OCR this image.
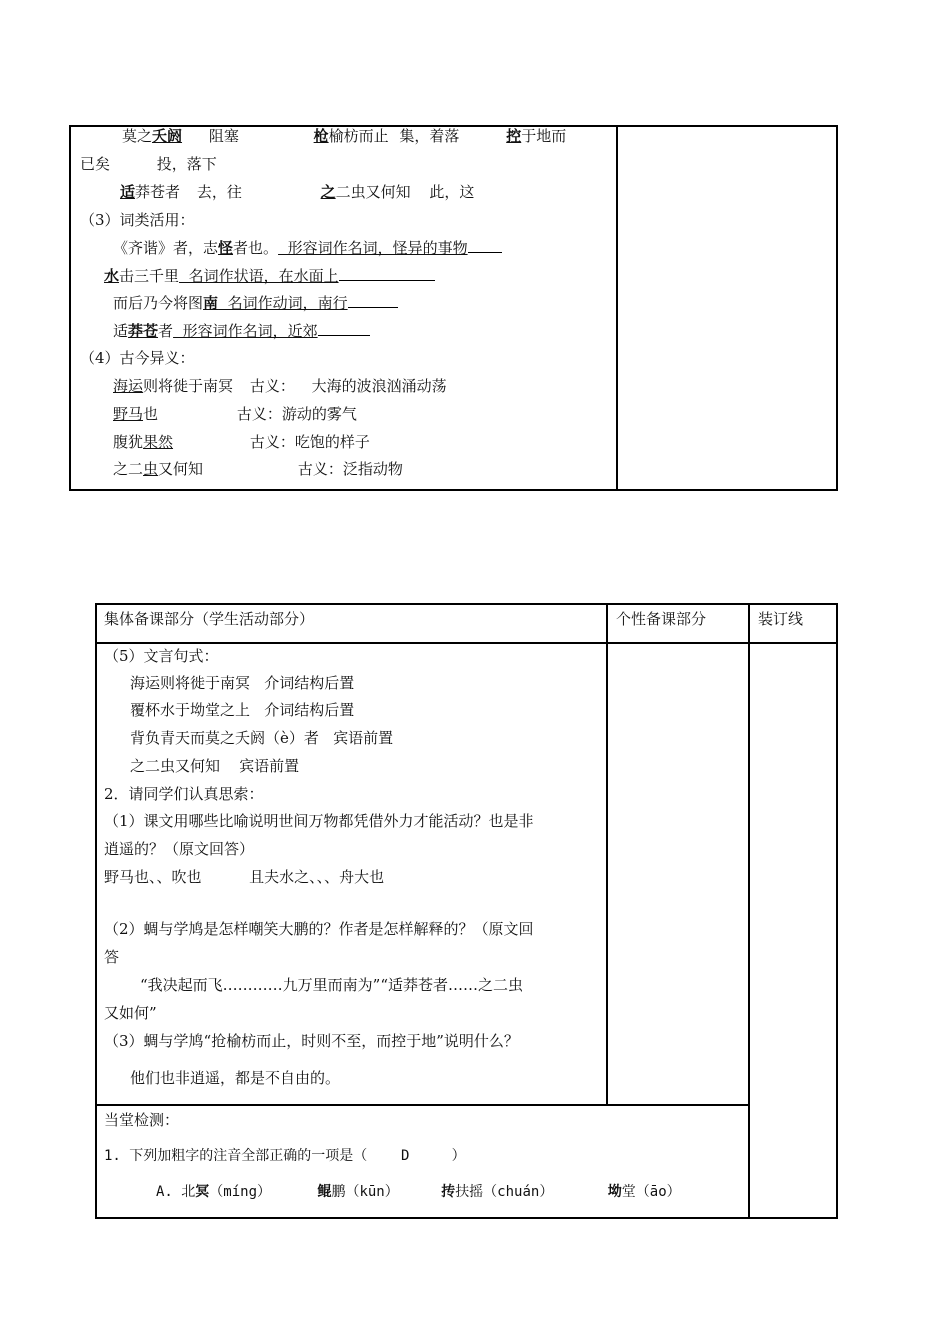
莫之夭阏 阻塞	枪榆枋而止 集，着落	控于地而
已矣	投，落下
适莽苍者 去，往	之二虫又何知 此，这
（3）词类活用：
《齐谐》者，志怪者也。  形容词作名词，怪异的事物
水击三千里  名词作状语，在水面上
而后乃今将图南  名词作动词，南行
适莽苍者  形容词作名词，近郊
（4）古今异义：
海运则将徙于南冥 古义： 大海的波浪汹涌动荡
野马也	古义：游动的雾气
腹犹果然	古义：吃饱的样子
之二虫又何知	古义：泛指动物
集体备课部分（学生活动部分）	个性备课部分	装订线
（5）文言句式：
海运则将徙于南冥   介词结构后置
覆杯水于坳堂之上   介词结构后置
背负青天而莫之夭阏（è）者   宾语前置
之二虫又何知    宾语前置
2．请同学们认真思索：
（1）课文用哪些比喻说明世间万物都凭借外力才能活动？也是非
逍遥的？（原文回答）
野马也、、吹也          且夫水之、、、舟大也
（2）蜩与学鸠是怎样嘲笑大鹏的？作者是怎样解释的？（原文回
答
“我决起而飞…………九万里而南为”“适莽苍者……之二虫
又如何”
（3）蜩与学鸠“抢榆枋而止，时则不至，而控于地”说明什么？
他们也非逍遥，都是不自由的。
当堂检测：
1. 下列加粗字的注音全部正确的一项是（    D     ）
A. 北冥（míng）	鲲鹏（kūn）	抟扶摇（chuán）	坳堂（āo）
